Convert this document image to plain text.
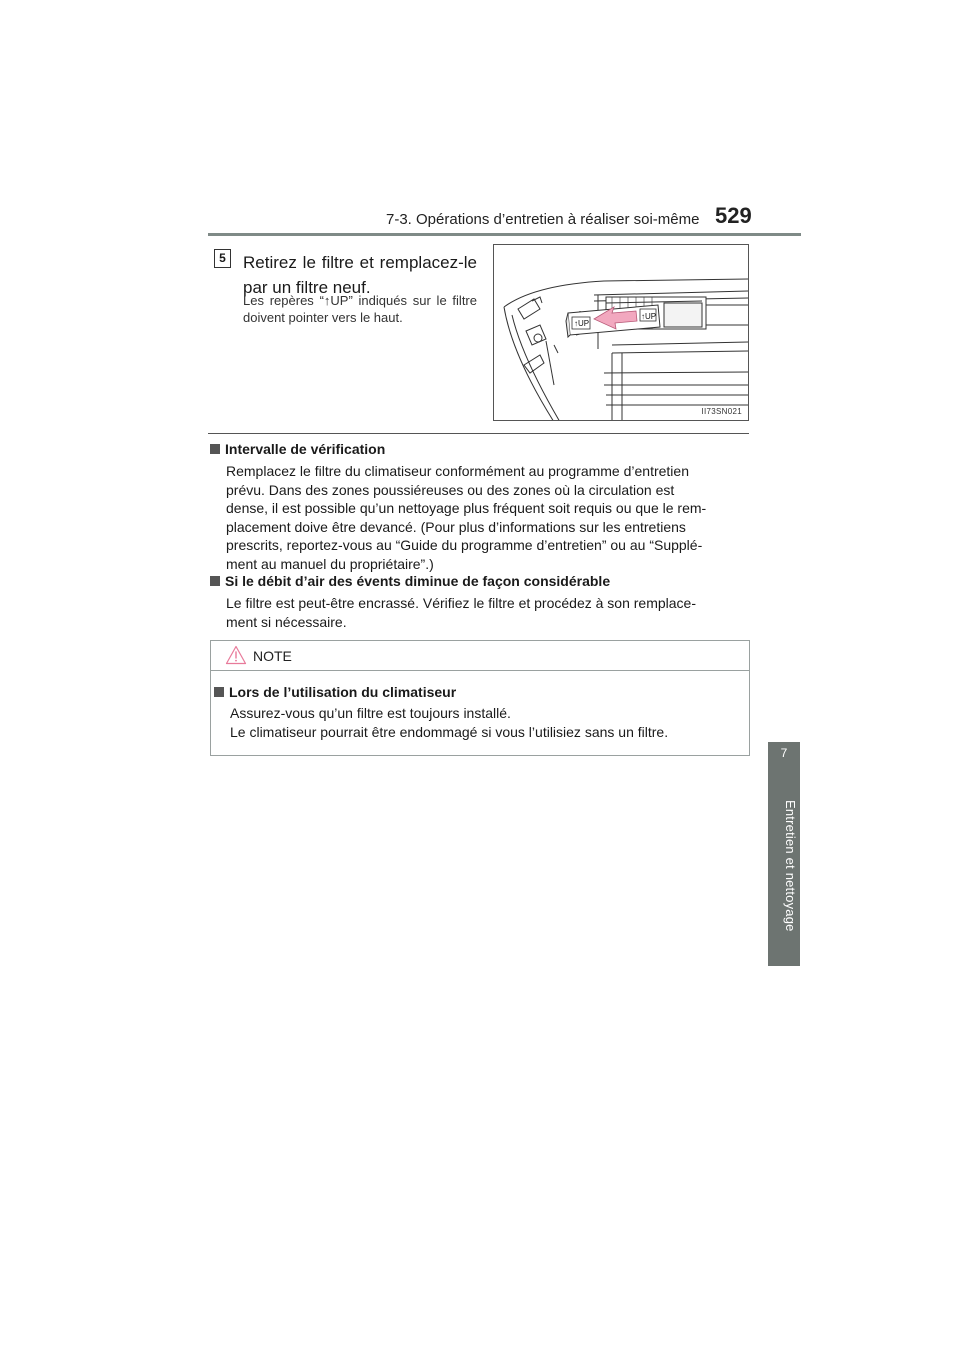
7-3. Opérations d’entretien à réaliser soi-même 529
7
Entretien et nettoyage
5	Retirez le filtre et remplacez-le par un filtre neuf.
Les repères “↑UP” indiqués sur le filtre doivent pointer vers le haut.	↑UP
↑UP
II73SN021
Intervalle de vérification
Remplacez le filtre du climatiseur conformément au programme d’entretien
prévu. Dans des zones poussiéreuses ou des zones où la circulation est
dense, il est possible qu’un nettoyage plus fréquent soit requis ou que le rem-
placement doive être devancé. (Pour plus d’informations sur les entretiens
prescrits, reportez-vous au “Guide du programme d’entretien” ou au “Supplé-
ment au manuel du propriétaire”.)
Si le débit d’air des évents diminue de façon considérable
Le filtre est peut-être encrassé. Vérifiez le filtre et procédez à son remplace-
ment si nécessaire.
NOTE
Lors de l’utilisation du climatiseur
Assurez-vous qu’un filtre est toujours installé.
Le climatiseur pourrait être endommagé si vous l’utilisiez sans un filtre.
